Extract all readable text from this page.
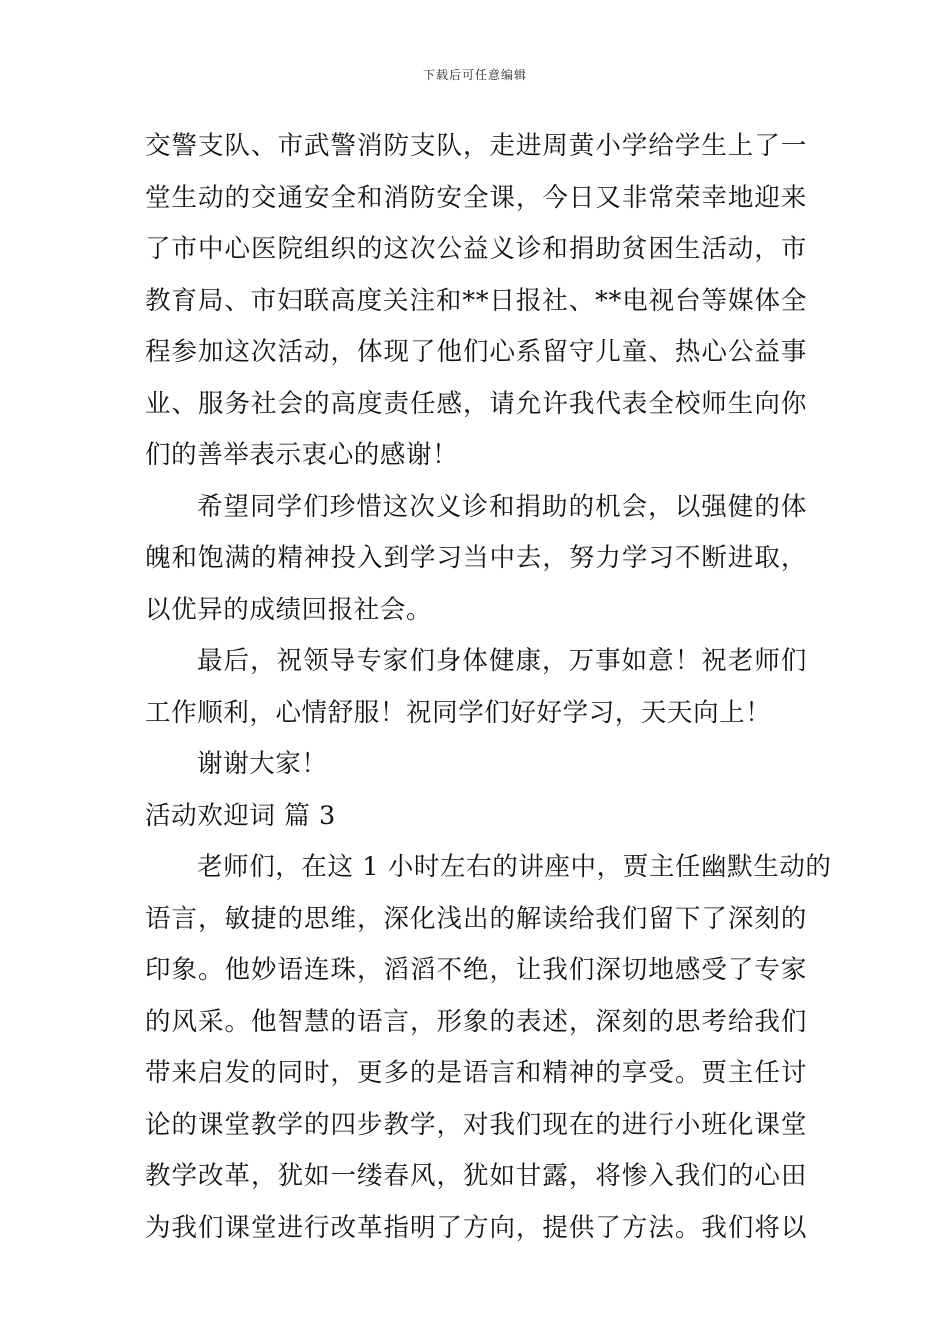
下载后可任意编辑
交警支队、市武警消防支队，走进周黄小学给学生上了一
堂生动的交通安全和消防安全课，今日又非常荣幸地迎来
了市中心医院组织的这次公益义诊和捐助贫困生活动，市
教育局、市妇联高度关注和**日报社、**电视台等媒体全
程参加这次活动，体现了他们心系留守儿童、热心公益事
业、服务社会的高度责任感，请允许我代表全校师生向你
们的善举表示衷心的感谢！
希望同学们珍惜这次义诊和捐助的机会，以强健的体
魄和饱满的精神投入到学习当中去，努力学习不断进取，
以优异的成绩回报社会。
最后，祝领导专家们身体健康，万事如意！祝老师们
工作顺利，心情舒服！祝同学们好好学习，天天向上！
谢谢大家！
活动欢迎词 篇 3
老师们，在这 1 小时左右的讲座中，贾主任幽默生动的
语言，敏捷的思维，深化浅出的解读给我们留下了深刻的
印象。他妙语连珠，滔滔不绝，让我们深切地感受了专家
的风采。他智慧的语言，形象的表述，深刻的思考给我们
带来启发的同时，更多的是语言和精神的享受。贾主任讨
论的课堂教学的四步教学，对我们现在的进行小班化课堂
教学改革，犹如一缕春风，犹如甘露，将惨入我们的心田
为我们课堂进行改革指明了方向，提供了方法。我们将以
